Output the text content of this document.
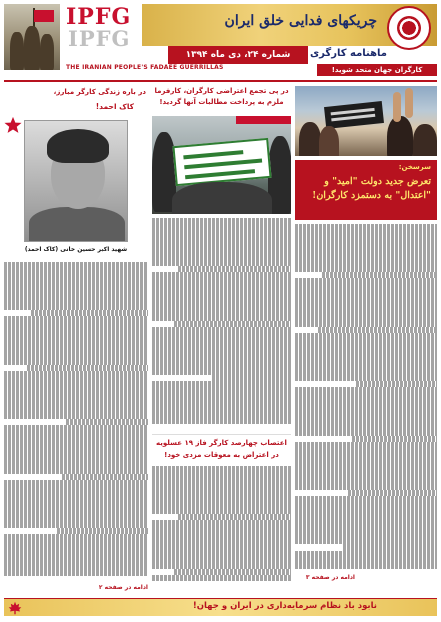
IPFG
IPFG
چریکهای فدایی خلق ایران
شماره ۲۴، دی ماه ۱۳۹۴	ماهنامه کارگری
THE IRANIAN PEOPLE'S FADAEE GUERRILLAS	کارگران جهان متحد شوید!
سرسخن:
تعرض جدید دولت "امید" و "اعتدال" به دستمزد کارگران!
ادامه در صفحه ۳
در پی تجمع اعتراضی کارگران، کارفرما ملزم به پرداخت مطالبات آنها گردید!
اعتصاب چهارصد کارگر فاز ۱۹ عسلویه در اعتراض به معوقات مزدی خود!
در باره زندگی کارگر مبارز،
کاک احمد!
شهید اکبر حسین خانی (کاک احمد)
ادامه در صفحه ۲
نابود باد نظام سرمایه‌داری در ایران و جهان!
